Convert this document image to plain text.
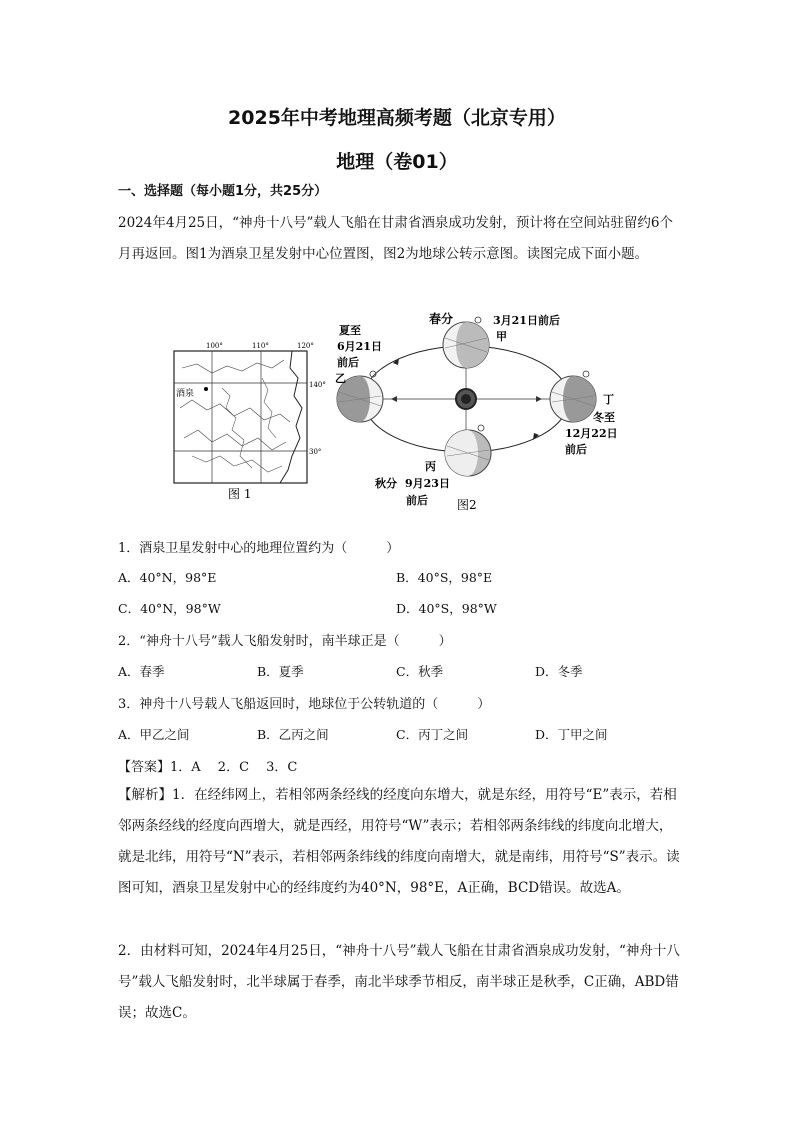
2025年中考地理高频考题（北京专用）
地理（卷01）
一、选择题（每小题1分，共25分）
2024年4月25日，“神舟十八号”载人飞船在甘肃省酒泉成功发射，预计将在空间站驻留约6个月再返回。图1为酒泉卫星发射中心位置图，图2为地球公转示意图。读图完成下面小题。
酒泉
100°	110°	120°
140°
30°
图 1
春分	3月21日前后
甲
夏至
6月21日
前后
乙
丁
冬至
12月22日
前后
丙
秋分 9月23日
前后 图2
1．酒泉卫星发射中心的地理位置约为（　　　）
A．40°N，98°E	B．40°S，98°E
C．40°N，98°W	D．40°S，98°W
2．“神舟十八号”载人飞船发射时，南半球正是（　　　）
A．春季	B．夏季	C．秋季	D．冬季
3．神舟十八号载人飞船返回时，地球位于公转轨道的（　　　）
A．甲乙之间	B．乙丙之间	C．丙丁之间	D．丁甲之间
【答案】1．A　 2．C　 3．C
【解析】1．在经纬网上，若相邻两条经线的经度向东增大，就是东经，用符号“E”表示，若相邻两条经线的经度向西增大，就是西经，用符号“W”表示；若相邻两条纬线的纬度向北增大，就是北纬，用符号“N”表示，若相邻两条纬线的纬度向南增大，就是南纬，用符号“S”表示。读图可知，酒泉卫星发射中心的经纬度约为40°N，98°E，A正确，BCD错误。故选A。
2．由材料可知，2024年4月25日，“神舟十八号”载人飞船在甘肃省酒泉成功发射，“神舟十八号”载人飞船发射时，北半球属于春季，南北半球季节相反，南半球正是秋季，C正确，ABD错误；故选C。
